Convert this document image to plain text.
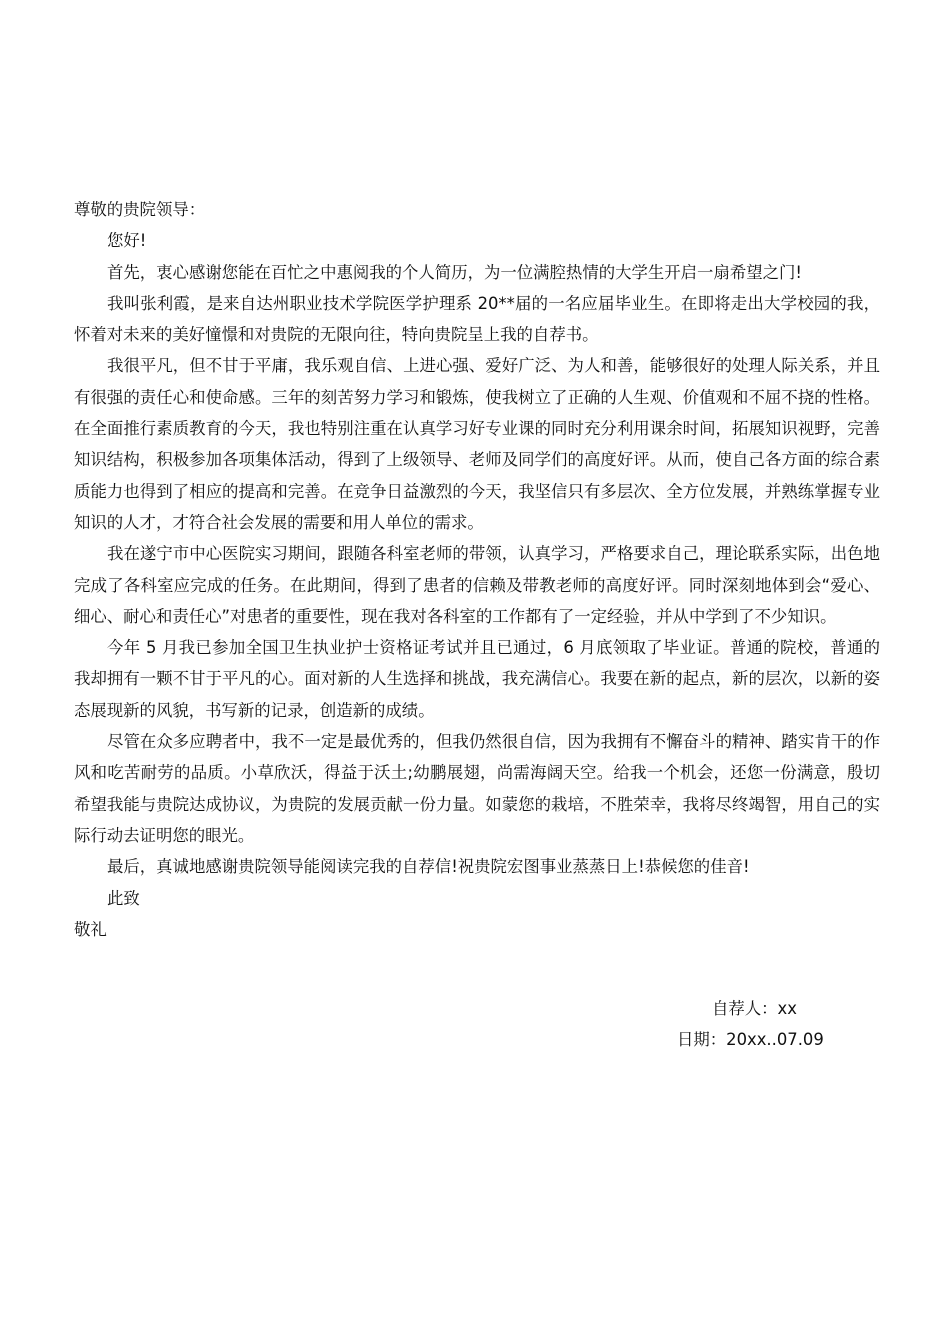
尊敬的贵院领导：

您好!

首先，衷心感谢您能在百忙之中惠阅我的个人简历，为一位满腔热情的大学生开启一扇希望之门!

我叫张利霞，是来自达州职业技术学院医学护理系 20**届的一名应届毕业生。在即将走出大学校园的我，怀着对未来的美好憧憬和对贵院的无限向往，特向贵院呈上我的自荐书。

我很平凡，但不甘于平庸，我乐观自信、上进心强、爱好广泛、为人和善，能够很好的处理人际关系，并且有很强的责任心和使命感。三年的刻苦努力学习和锻炼，使我树立了正确的人生观、价值观和不屈不挠的性格。在全面推行素质教育的今天，我也特别注重在认真学习好专业课的同时充分利用课余时间，拓展知识视野，完善知识结构，积极参加各项集体活动，得到了上级领导、老师及同学们的高度好评。从而，使自己各方面的综合素质能力也得到了相应的提高和完善。在竞争日益激烈的今天，我坚信只有多层次、全方位发展，并熟练掌握专业知识的人才，才符合社会发展的需要和用人单位的需求。

我在遂宁市中心医院实习期间，跟随各科室老师的带领，认真学习，严格要求自己，理论联系实际，出色地完成了各科室应完成的任务。在此期间，得到了患者的信赖及带教老师的高度好评。同时深刻地体到会“爱心、细心、耐心和责任心”对患者的重要性，现在我对各科室的工作都有了一定经验，并从中学到了不少知识。

今年 5 月我已参加全国卫生执业护士资格证考试并且已通过，6 月底领取了毕业证。普通的院校，普通的我却拥有一颗不甘于平凡的心。面对新的人生选择和挑战，我充满信心。我要在新的起点，新的层次，以新的姿态展现新的风貌，书写新的记录，创造新的成绩。

尽管在众多应聘者中，我不一定是最优秀的，但我仍然很自信，因为我拥有不懈奋斗的精神、踏实肯干的作风和吃苦耐劳的品质。小草欣沃，得益于沃土;幼鹏展翅，尚需海阔天空。给我一个机会，还您一份满意，殷切希望我能与贵院达成协议，为贵院的发展贡献一份力量。如蒙您的栽培，不胜荣幸，我将尽终竭智，用自己的实际行动去证明您的眼光。

最后，真诚地感谢贵院领导能阅读完我的自荐信!祝贵院宏图事业蒸蒸日上!恭候您的佳音!

此致

敬礼

自荐人：xx
日期：20xx..07.09
